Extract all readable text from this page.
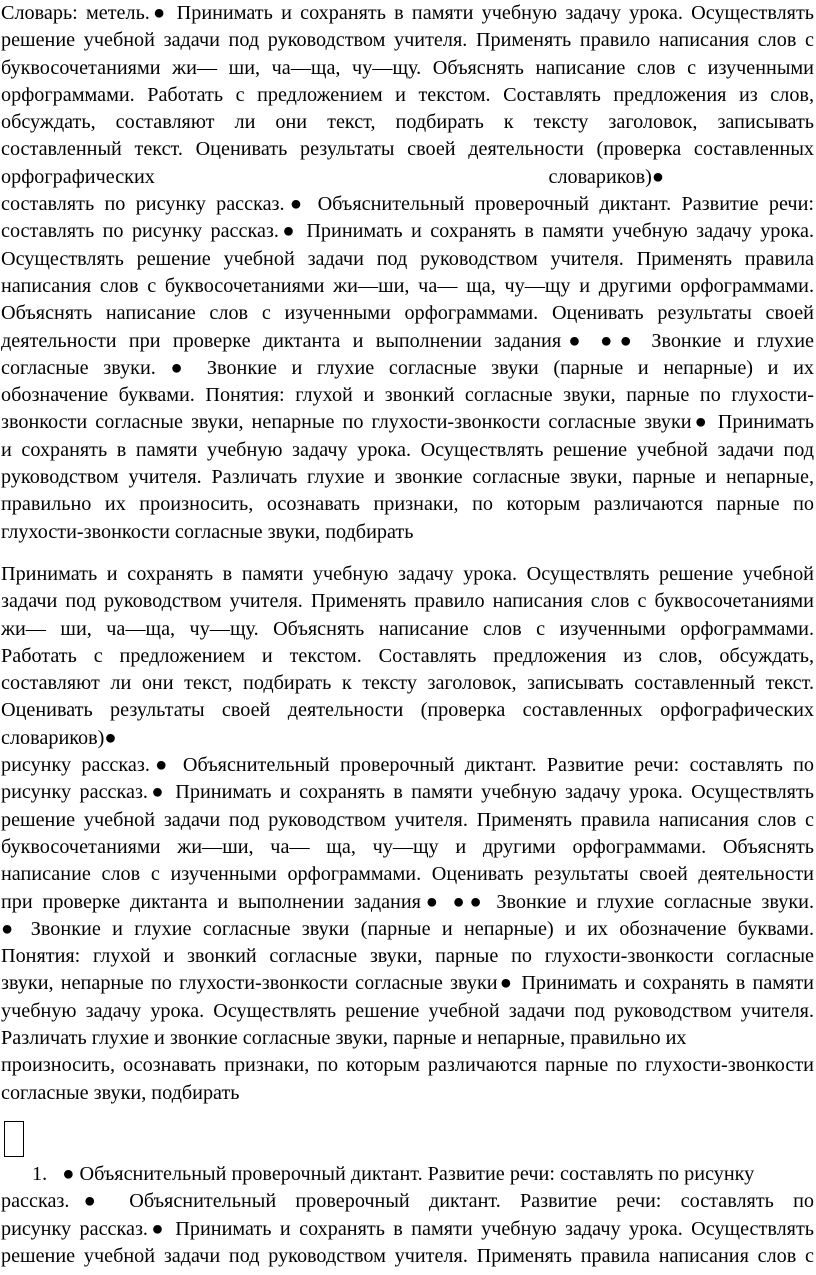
Словарь: метель.● Принимать и сохранять в памяти учебную задачу урока. Осуществлять
решение учебной задачи под руководством учителя. Применять правило написания слов с
буквосочетаниями жи— ши, ча—ща, чу—щу. Объяснять написание слов с изученными
орфограммами. Работать с предложением и текстом. Составлять предложения из слов,
обсуждать, составляют ли они текст, подбирать к тексту заголовок, записывать
составленный текст. Оценивать результаты своей деятельности (проверка составленных
орфографических                                                                              словариков)●
составлять по рисунку рассказ.● Объяснительный проверочный диктант. Развитие речи:
составлять по рисунку рассказ.● Принимать и сохранять в памяти учебную задачу урока.
Осуществлять решение учебной задачи под руководством учителя. Применять правила
написания слов с буквосочетаниями жи—ши, ча— ща, чу—щу и другими орфограммами.
Объяснять написание слов с изученными орфограммами. Оценивать результаты своей
деятельности при проверке диктанта и выполнении задания● ●● Звонкие и глухие
согласные звуки. ● Звонкие и глухие согласные звуки (парные и непарные) и их
обозначение буквами. Понятия: глухой и звонкий согласные звуки, парные по глухости-
звонкости согласные звуки, непарные по глухости-звонкости согласные звуки● Принимать
и сохранять в памяти учебную задачу урока. Осуществлять решение учебной задачи под
руководством учителя. Различать глухие и звонкие согласные звуки, парные и непарные,
правильно их произносить, осознавать признаки, по которым различаются парные по
глухости-звонкости согласные звуки, подбирать
Принимать и сохранять в памяти учебную задачу урока. Осуществлять решение учебной
задачи под руководством учителя. Применять правило написания слов с буквосочетаниями
жи— ши, ча—ща, чу—щу. Объяснять написание слов с изученными орфограммами.
Работать с предложением и текстом. Составлять предложения из слов, обсуждать,
составляют ли они текст, подбирать к тексту заголовок, записывать составленный текст.
Оценивать результаты своей деятельности (проверка составленных орфографических
словариков)●
рисунку рассказ.● Объяснительный проверочный диктант. Развитие речи: составлять по
рисунку рассказ.● Принимать и сохранять в памяти учебную задачу урока. Осуществлять
решение учебной задачи под руководством учителя. Применять правила написания слов с
буквосочетаниями жи—ши, ча— ща, чу—щу и другими орфограммами. Объяснять
написание слов с изученными орфограммами. Оценивать результаты своей деятельности
при проверке диктанта и выполнении задания● ●● Звонкие и глухие согласные звуки.
● Звонкие и глухие согласные звуки (парные и непарные) и их обозначение буквами.
Понятия: глухой и звонкий согласные звуки, парные по глухости-звонкости согласные
звуки, непарные по глухости-звонкости согласные звуки● Принимать и сохранять в памяти
учебную задачу урока. Осуществлять решение учебной задачи под руководством учителя.
Различать глухие и звонкие согласные звуки, парные и непарные, правильно их
произносить, осознавать признаки, по которым различаются парные по глухости-звонкости
согласные звуки, подбирать
1.   ● Объяснительный проверочный диктант. Развитие речи: составлять по рисунку
рассказ.● Объяснительный проверочный диктант. Развитие речи: составлять по
рисунку рассказ.● Принимать и сохранять в памяти учебную задачу урока. Осуществлять
решение учебной задачи под руководством учителя. Применять правила написания слов с
